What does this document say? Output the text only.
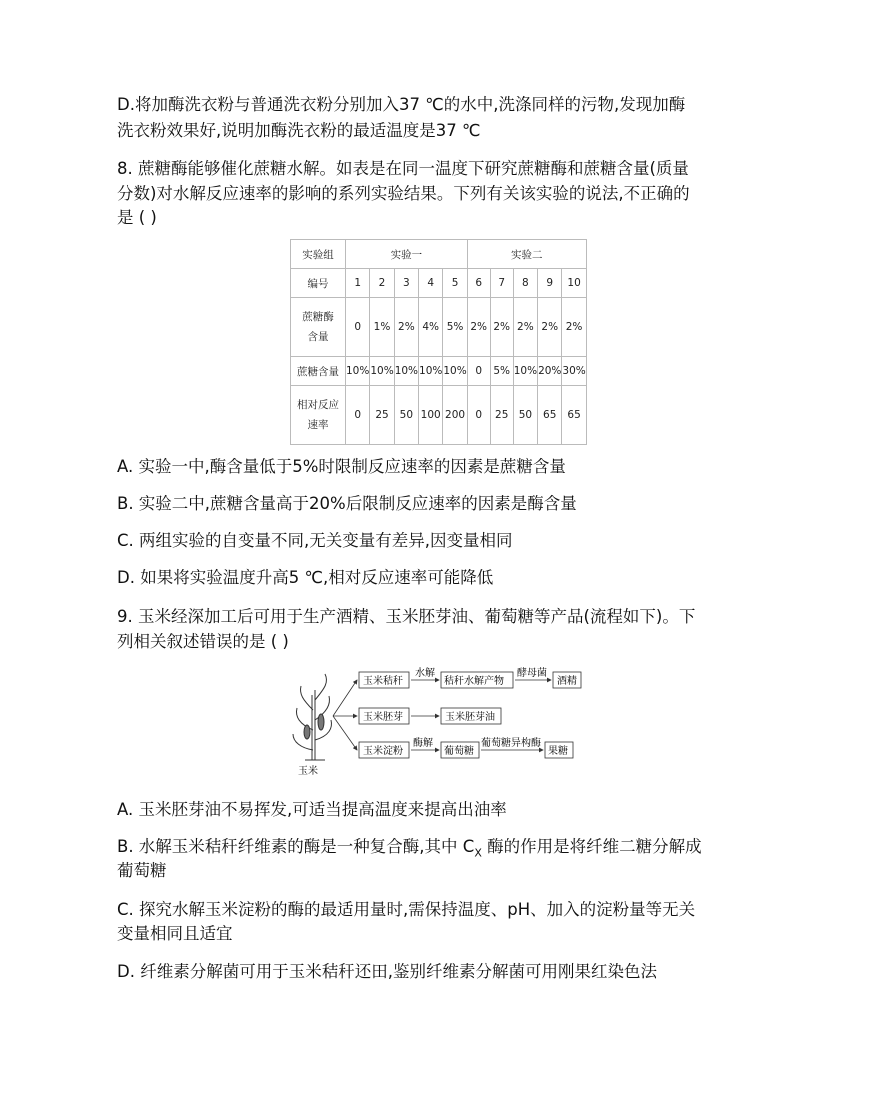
D.将加酶洗衣粉与普通洗衣粉分别加入37 ℃的水中,洗涤同样的污物,发现加酶
洗衣粉效果好,说明加酶洗衣粉的最适温度是37 ℃
8. 蔗糖酶能够催化蔗糖水解。如表是在同一温度下研究蔗糖酶和蔗糖含量(质量
分数)对水解反应速率的影响的系列实验结果。下列有关该实验的说法,不正确的
是 ( )
实验组	实验一					实验二				
编号	1	2	3	4	5	6	7	8	9	10

蔗糖酶
含量	0	1%	2%	4%	5%	2%	2%	2%	2%	2%
蔗糖含量	10%	10%	10%	10%	10%	0	5%	10%	20%	30%

相对反应
速率	0	25	50	100	200	0	25	50	65	65
A. 实验一中,酶含量低于5%时限制反应速率的因素是蔗糖含量
B. 实验二中,蔗糖含量高于20%后限制反应速率的因素是酶含量
C. 两组实验的自变量不同,无关变量有差异,因变量相同
D. 如果将实验温度升高5 ℃,相对反应速率可能降低
9. 玉米经深加工后可用于生产酒精、玉米胚芽油、葡萄糖等产品(流程如下)。下
列相关叙述错误的是 ( )
玉米
玉米秸秆
水解
秸秆水解产物
酵母菌
酒精
玉米胚芽	玉米胚芽油
玉米淀粉
酶解
葡萄糖
葡萄糖异构酶
果糖
A. 玉米胚芽油不易挥发,可适当提高温度来提高出油率
B. 水解玉米秸秆纤维素的酶是一种复合酶,其中 $C_X$ 酶的作用是将纤维二糖分解成
葡萄糖
C. 探究水解玉米淀粉的酶的最适用量时,需保持温度、pH、加入的淀粉量等无关
变量相同且适宜
D. 纤维素分解菌可用于玉米秸秆还田,鉴别纤维素分解菌可用刚果红染色法
